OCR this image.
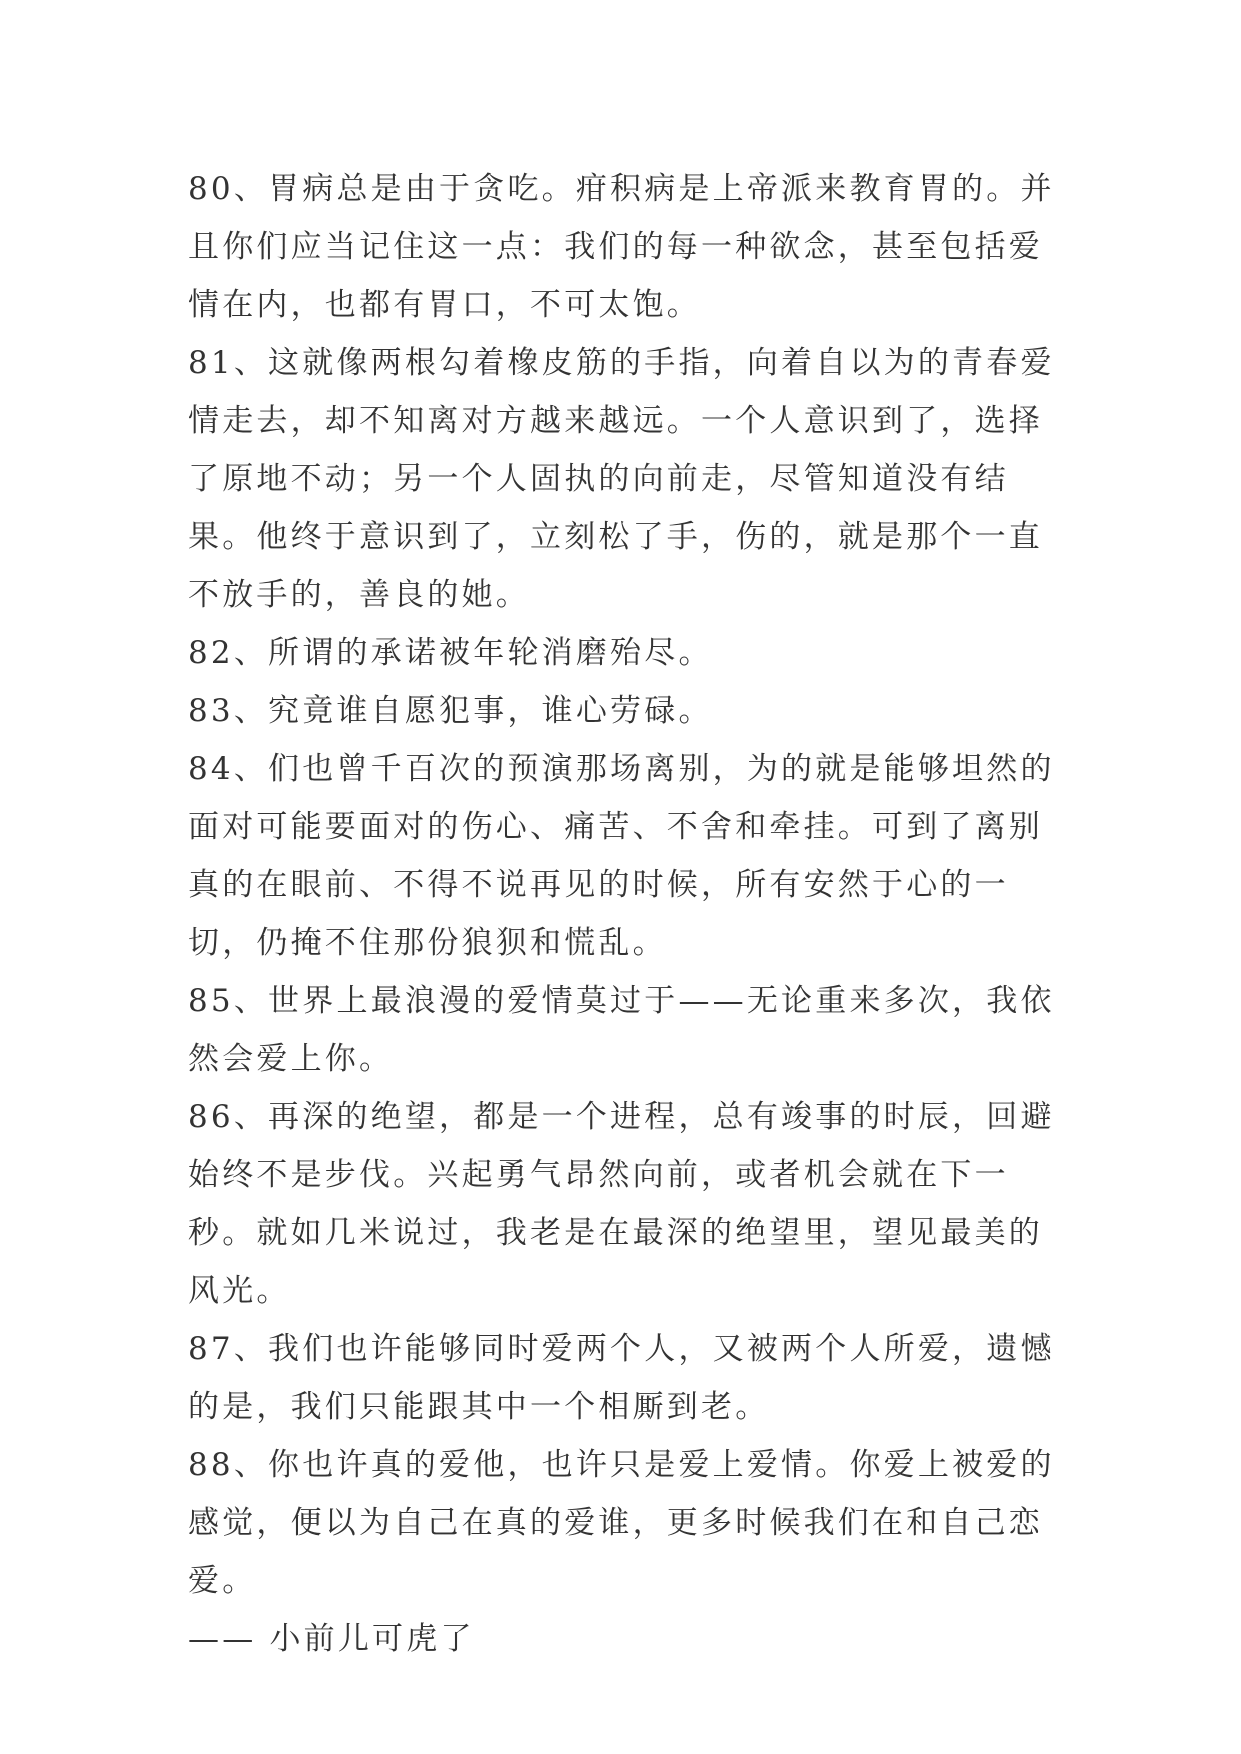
80、胃病总是由于贪吃。疳积病是上帝派来教育胃的。并且你们应当记住这一点：我们的每一种欲念，甚至包括爱情在内，也都有胃口，不可太饱。

81、这就像两根勾着橡皮筋的手指，向着自以为的青春爱情走去，却不知离对方越来越远。一个人意识到了，选择了原地不动；另一个人固执的向前走，尽管知道没有结果。他终于意识到了，立刻松了手，伤的，就是那个一直不放手的，善良的她。

82、所谓的承诺被年轮消磨殆尽。

83、究竟谁自愿犯事，谁心劳碌。

84、们也曾千百次的预演那场离别，为的就是能够坦然的面对可能要面对的伤心、痛苦、不舍和牵挂。可到了离别真的在眼前、不得不说再见的时候，所有安然于心的一切，仍掩不住那份狼狈和慌乱。

85、世界上最浪漫的爱情莫过于——无论重来多次，我依然会爱上你。

86、再深的绝望，都是一个进程，总有竣事的时辰，回避始终不是步伐。兴起勇气昂然向前，或者机会就在下一秒。就如几米说过，我老是在最深的绝望里，望见最美的风光。

87、我们也许能够同时爱两个人，又被两个人所爱，遗憾的是，我们只能跟其中一个相厮到老。

88、你也许真的爱他，也许只是爱上爱情。你爱上被爱的感觉，便以为自己在真的爱谁，更多时候我们在和自己恋爱。

—— 小前儿可虎了
